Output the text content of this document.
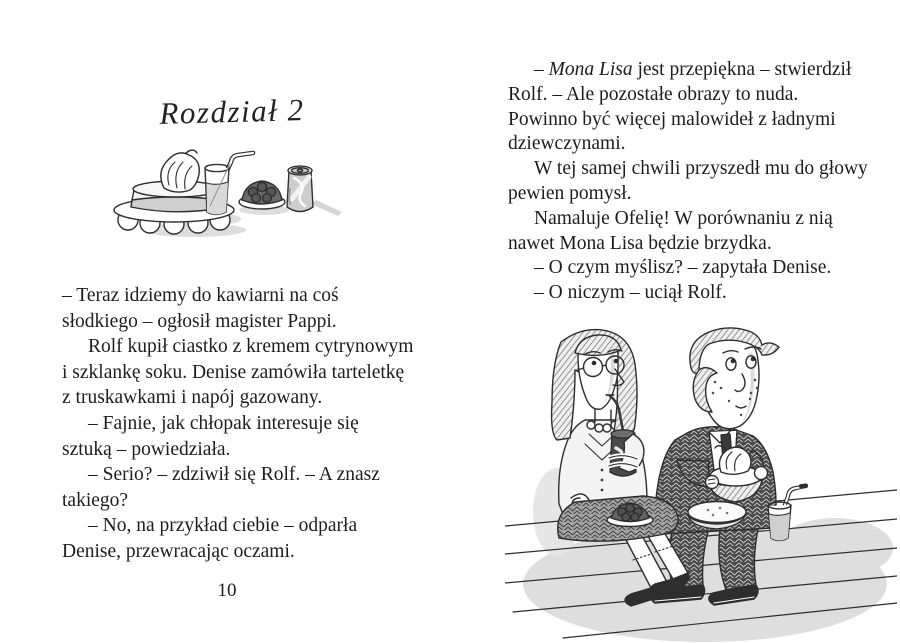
Rozdział 2
– Teraz idziemy do kawiarni na coś
słodkiego – ogłosił magister Pappi.
Rolf kupił ciastko z kremem cytrynowym
i szklankę soku. Denise zamówiła tarteletkę
z truskawkami i napój gazowany.
– Fajnie, jak chłopak interesuje się
sztuką – powiedziała.
– Serio? – zdziwił się Rolf. – A znasz
takiego?
– No, na przykład ciebie – odparła
Denise, przewracając oczami.
10
– Mona Lisa jest przepiękna – stwierdził
Rolf. – Ale pozostałe obrazy to nuda.
Powinno być więcej malowideł z ładnymi
dziewczynami.
W tej samej chwili przyszedł mu do głowy
pewien pomysł.
Namaluje Ofelię! W porównaniu z nią
nawet Mona Lisa będzie brzydka.
– O czym myślisz? – zapytała Denise.
– O niczym – uciął Rolf.
